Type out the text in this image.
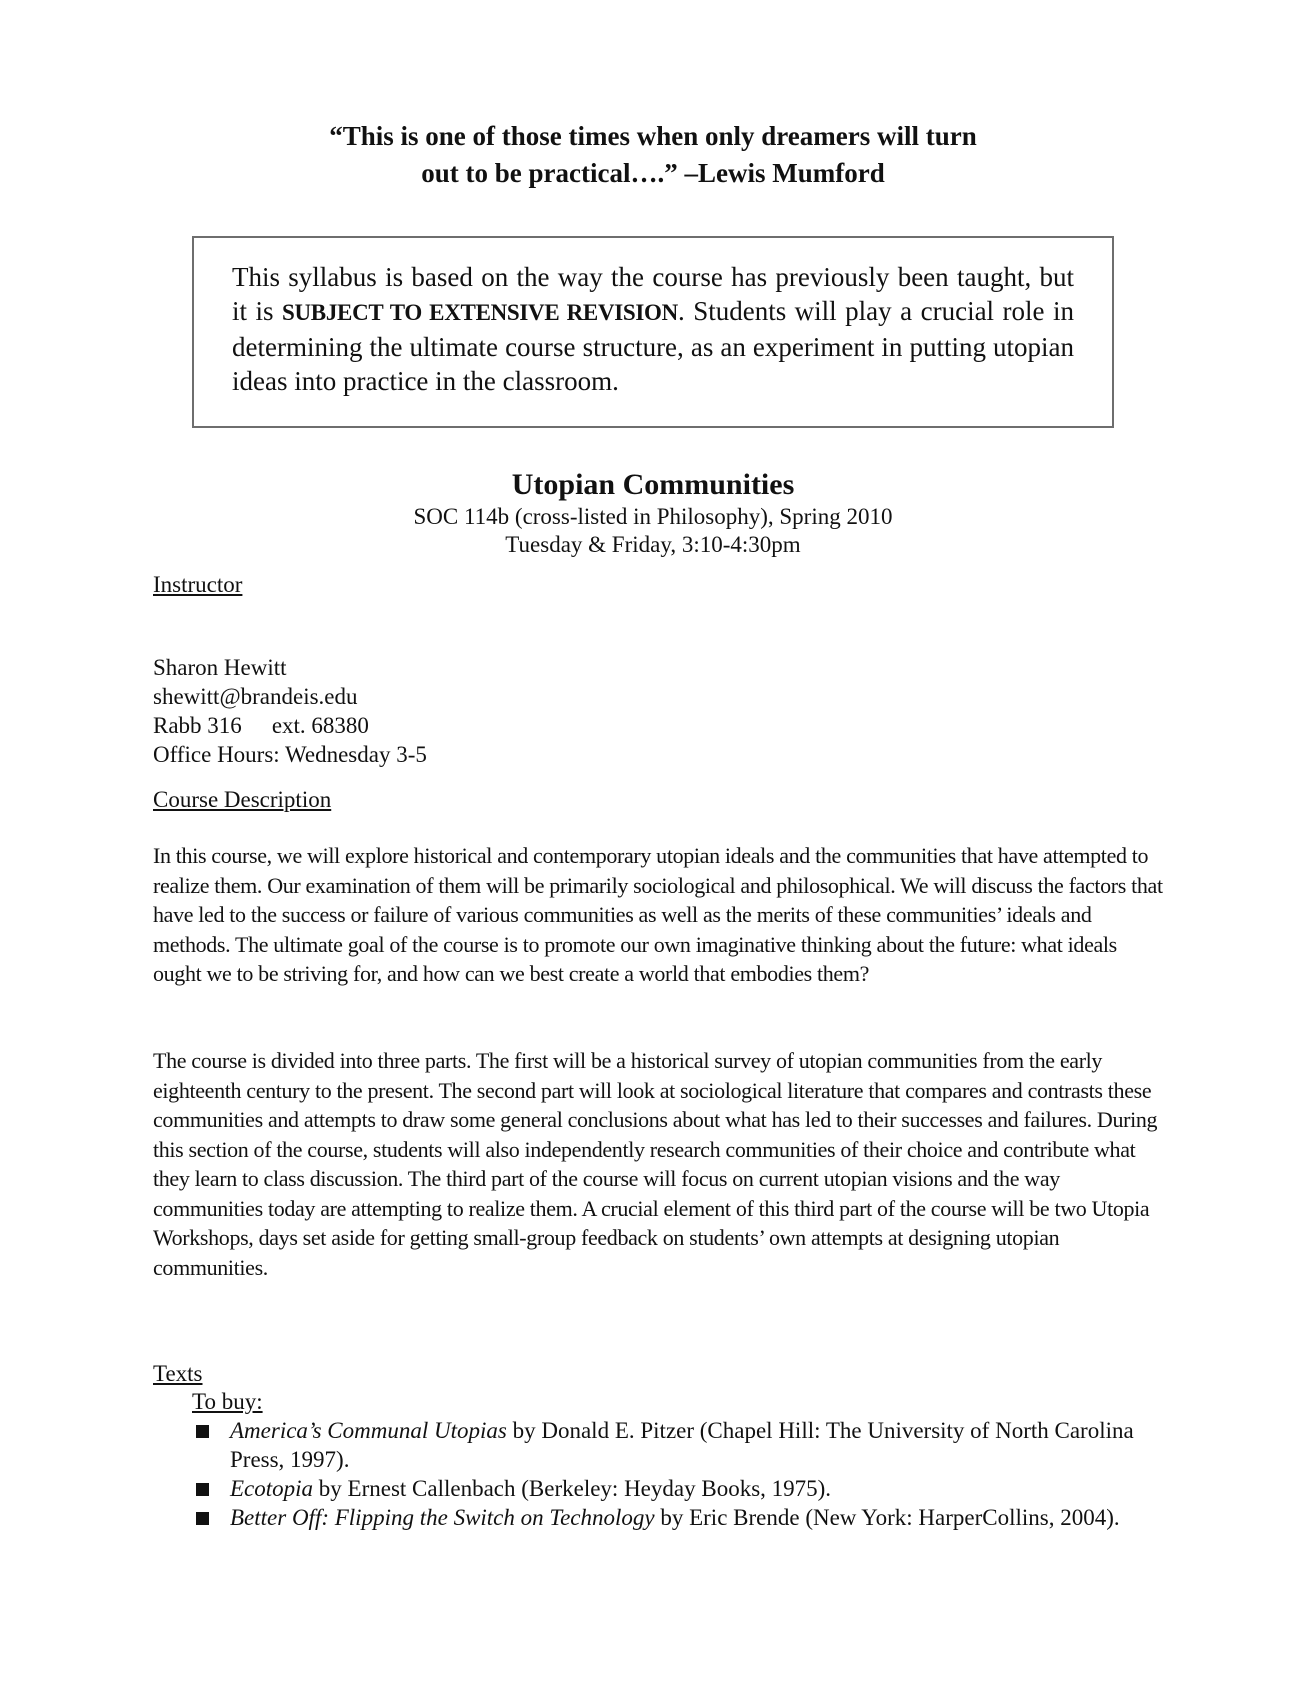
“This is one of those times when only dreamers will turn
out to be practical….” –Lewis Mumford
This syllabus is based on the way the course has previously been taught, but it is SUBJECT TO EXTENSIVE REVISION. Students will play a crucial role in determining the ultimate course structure, as an experiment in putting utopian ideas into practice in the classroom.
Utopian Communities
SOC 114b (cross-listed in Philosophy), Spring 2010
Tuesday & Friday, 3:10-4:30pm
Instructor
Sharon Hewitt
shewitt@brandeis.edu
Rabb 316 ext. 68380
Office Hours: Wednesday 3-5
Course Description
In this course, we will explore historical and contemporary utopian ideals and the communities that have attempted to realize them. Our examination of them will be primarily sociological and philosophical. We will discuss the factors that have led to the success or failure of various communities as well as the merits of these communities’ ideals and methods. The ultimate goal of the course is to promote our own imaginative thinking about the future: what ideals ought we to be striving for, and how can we best create a world that embodies them?
The course is divided into three parts. The first will be a historical survey of utopian communities from the early eighteenth century to the present. The second part will look at sociological literature that compares and contrasts these communities and attempts to draw some general conclusions about what has led to their successes and failures. During this section of the course, students will also independently research communities of their choice and contribute what they learn to class discussion. The third part of the course will focus on current utopian visions and the way communities today are attempting to realize them. A crucial element of this third part of the course will be two Utopia Workshops, days set aside for getting small-group feedback on students’ own attempts at designing utopian communities.
Texts
To buy:
America’s Communal Utopias by Donald E. Pitzer (Chapel Hill: The University of North Carolina Press, 1997).
Ecotopia by Ernest Callenbach (Berkeley: Heyday Books, 1975).
Better Off: Flipping the Switch on Technology by Eric Brende (New York: HarperCollins, 2004).
